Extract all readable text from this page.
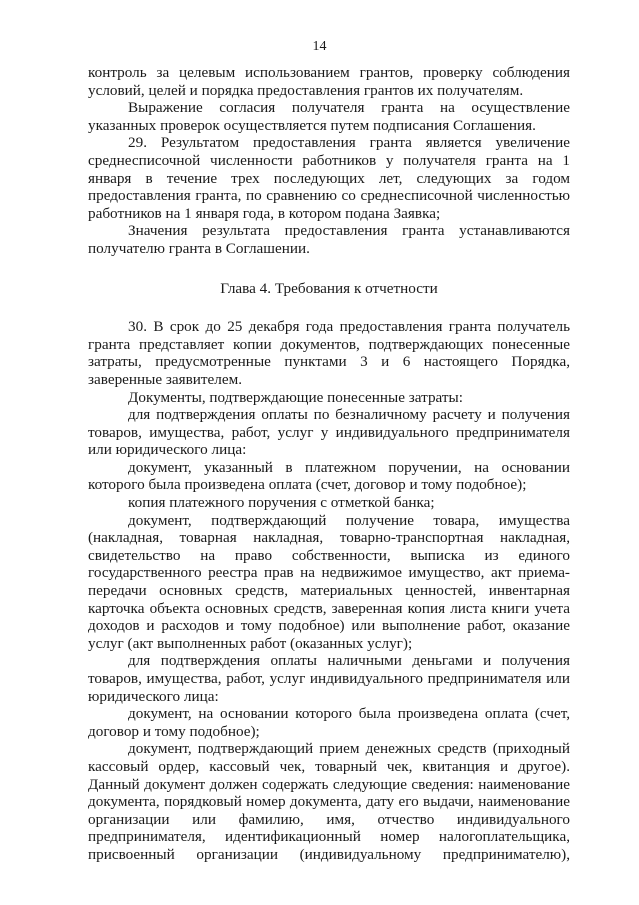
14

контроль за целевым использованием грантов, проверку соблюдения условий, целей и порядка предоставления грантов их получателям.

Выражение согласия получателя гранта на осуществление указанных проверок осуществляется путем подписания Соглашения.

29. Результатом предоставления гранта является увеличение среднесписочной численности работников у получателя гранта на 1 января в течение трех последующих лет, следующих за годом предоставления гранта, по сравнению со среднесписочной численностью работников на 1 января года, в котором подана Заявка;

Значения результата предоставления гранта устанавливаются получателю гранта в Соглашении.

Глава 4. Требования к отчетности

30. В срок до 25 декабря года предоставления гранта получатель гранта представляет копии документов, подтверждающих понесенные затраты, предусмотренные пунктами 3 и 6 настоящего Порядка, заверенные заявителем.

Документы, подтверждающие понесенные затраты:

для подтверждения оплаты по безналичному расчету и получения товаров, имущества, работ, услуг у индивидуального предпринимателя или юридического лица:

документ, указанный в платежном поручении, на основании которого была произведена оплата (счет, договор и тому подобное);

копия платежного поручения с отметкой банка;

документ, подтверждающий получение товара, имущества (накладная, товарная накладная, товарно-транспортная накладная, свидетельство на право собственности, выписка из единого государственного реестра прав на недвижимое имущество, акт приема-передачи основных средств, материальных ценностей, инвентарная карточка объекта основных средств, заверенная копия листа книги учета доходов и расходов и тому подобное) или выполнение работ, оказание услуг (акт выполненных работ (оказанных услуг);

для подтверждения оплаты наличными деньгами и получения товаров, имущества, работ, услуг индивидуального предпринимателя или юридического лица:

документ, на основании которого была произведена оплата (счет, договор и тому подобное);

документ, подтверждающий прием денежных средств (приходный кассовый ордер, кассовый чек, товарный чек, квитанция и другое). Данный документ должен содержать следующие сведения: наименование документа, порядковый номер документа, дату его выдачи, наименование организации или фамилию, имя, отчество индивидуального предпринимателя, идентификационный номер налогоплательщика, присвоенный организации (индивидуальному предпринимателю),
